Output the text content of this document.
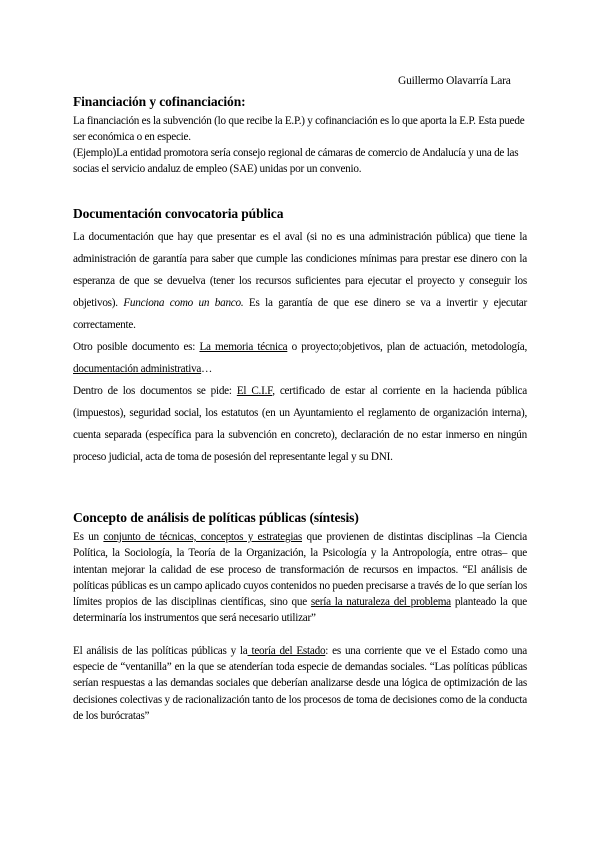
Guillermo Olavarría Lara
Financiación y cofinanciación:

La financiación es la subvención (lo que recibe la E.P.) y cofinanciación es lo que aporta la E.P. Esta puede ser económica o en especie.

(Ejemplo)La entidad promotora sería consejo regional de cámaras de comercio de Andalucía y una de las socias el servicio andaluz de empleo (SAE) unidas por un convenio.

Documentación convocatoria pública

La documentación que hay que presentar es el aval (si no es una administración pública) que tiene la administración de garantía para saber que cumple las condiciones mínimas para prestar ese dinero con la esperanza de que se devuelva (tener los recursos suficientes para ejecutar el proyecto y conseguir los objetivos). Funciona como un banco. Es la garantía de que ese dinero se va a invertir y ejecutar correctamente.

Otro posible documento es: La memoria técnica o proyecto;objetivos, plan de actuación, metodología, documentación administrativa…

Dentro de los documentos se pide: El C.I.F, certificado de estar al corriente en la hacienda pública (impuestos), seguridad social, los estatutos (en un Ayuntamiento el reglamento de organización interna), cuenta separada (específica para la subvención en concreto), declaración de no estar inmerso en ningún proceso judicial, acta de toma de posesión del representante legal y su DNI.

Concepto de análisis de políticas públicas (síntesis)

Es un conjunto de técnicas, conceptos y estrategias que provienen de distintas disciplinas –la Ciencia Política, la Sociología, la Teoría de la Organización, la Psicología y la Antropología, entre otras– que intentan mejorar la calidad de ese proceso de transformación de recursos en impactos. “El análisis de políticas públicas es un campo aplicado cuyos contenidos no pueden precisarse a través de lo que serían los límites propios de las disciplinas científicas, sino que sería la naturaleza del problema planteado la que determinaría los instrumentos que será necesario utilizar”

El análisis de las políticas públicas y la teoría del Estado: es una corriente que ve el Estado como una especie de “ventanilla” en la que se atenderían toda especie de demandas sociales. “Las políticas públicas serían respuestas a las demandas sociales que deberían analizarse desde una lógica de optimización de las decisiones colectivas y de racionalización tanto de los procesos de toma de decisiones como de la conducta de los burócratas”
